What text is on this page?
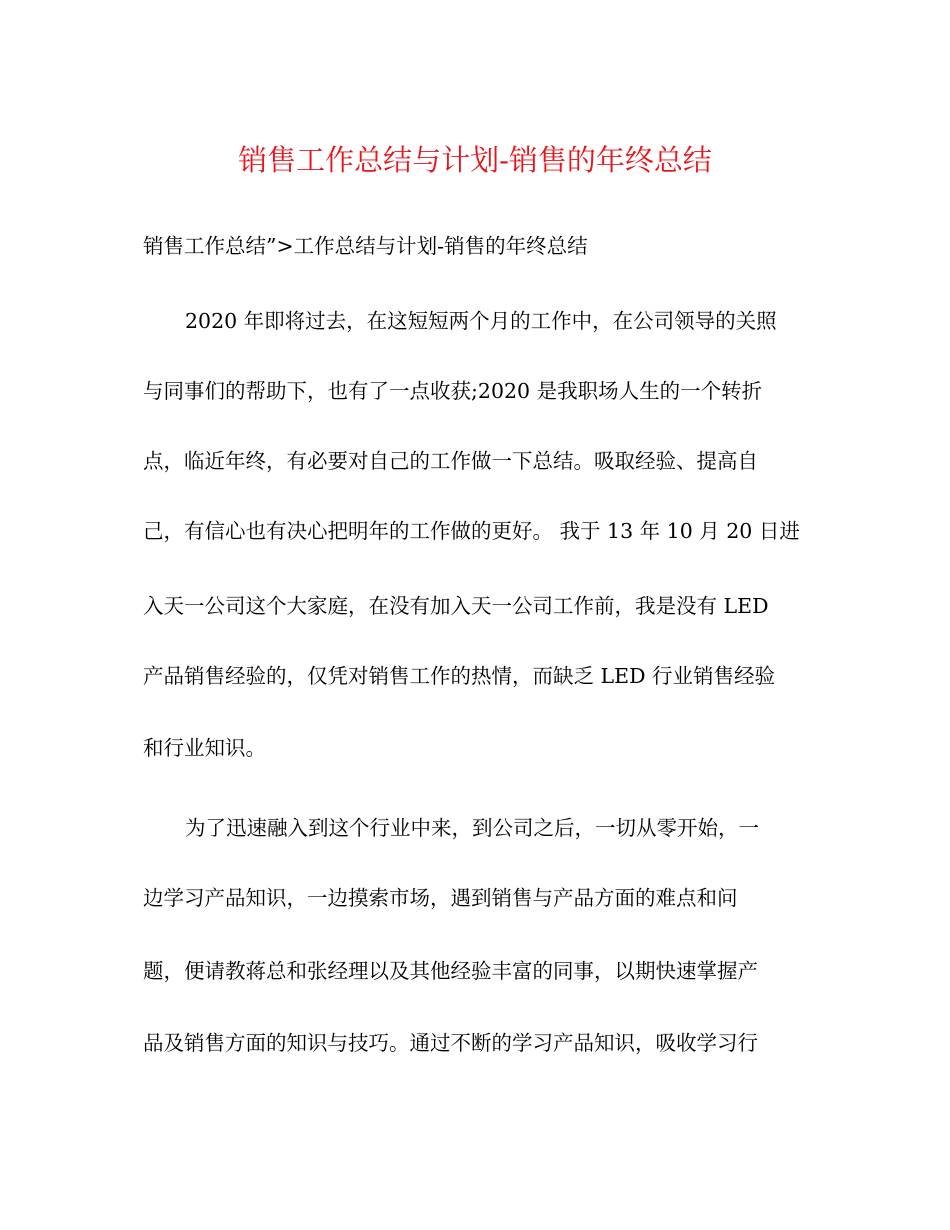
销售工作总结与计划-销售的年终总结
销售工作总结”>工作总结与计划-销售的年终总结
2020 年即将过去，在这短短两个月的工作中，在公司领导的关照
与同事们的帮助下，也有了一点收获;2020 是我职场人生的一个转折
点，临近年终，有必要对自己的工作做一下总结。吸取经验、提高自
己，有信心也有决心把明年的工作做的更好。 我于 13 年 10 月 20 日进
入天一公司这个大家庭，在没有加入天一公司工作前，我是没有 LED
产品销售经验的，仅凭对销售工作的热情，而缺乏 LED 行业销售经验
和行业知识。
为了迅速融入到这个行业中来，到公司之后，一切从零开始，一
边学习产品知识，一边摸索市场，遇到销售与产品方面的难点和问
题，便请教蒋总和张经理以及其他经验丰富的同事，以期快速掌握产
品及销售方面的知识与技巧。通过不断的学习产品知识，吸收学习行
